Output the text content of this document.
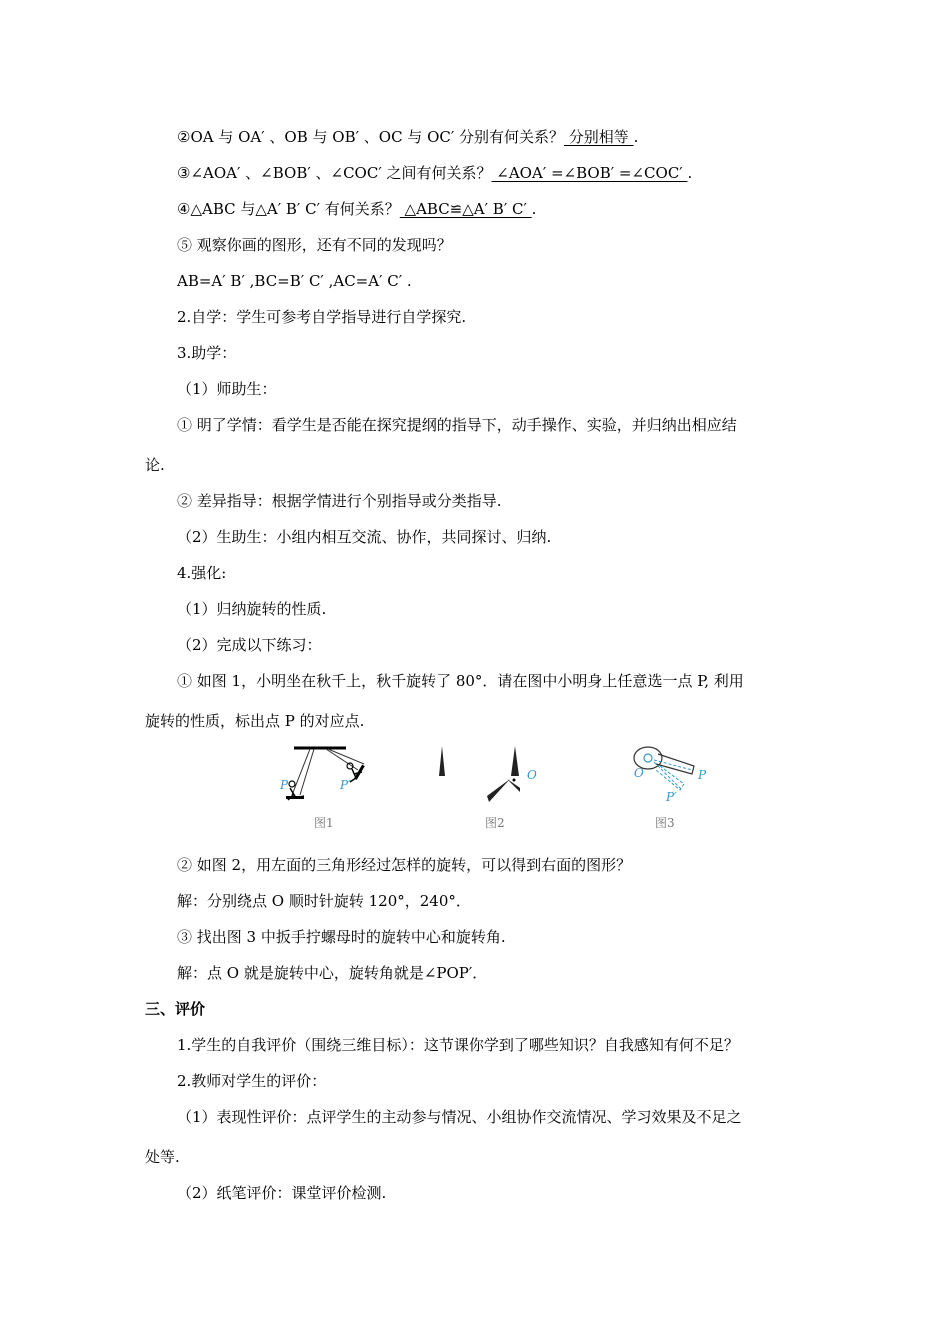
②OA 与 OA′ 、OB 与 OB′ 、OC 与 OC′ 分别有何关系？ 分别相等 .
③∠AOA′ 、∠BOB′ 、∠COC′ 之间有何关系？ ∠AOA′ =∠BOB′ =∠COC′ .
④△ABC 与△A′ B′ C′ 有何关系？ △ABC≌△A′ B′ C′ .
⑤ 观察你画的图形，还有不同的发现吗？
AB=A′ B′ ,BC=B′ C′ ,AC=A′ C′ .
2.自学：学生可参考自学指导进行自学探究.
3.助学：
（1）师助生：
① 明了学情：看学生是否能在探究提纲的指导下，动手操作、实验，并归纳出相应结
论.
② 差异指导：根据学情进行个别指导或分类指导.
（2）生助生：小组内相互交流、协作，共同探讨、归纳.
4.强化:
（1）归纳旋转的性质.
（2）完成以下练习：
① 如图 1，小明坐在秋千上，秋千旋转了 80°．请在图中小明身上任意选一点 P, 利用
旋转的性质，标出点 P 的对应点.
P	P′
图1
O
图2
O	P
P′
图3
② 如图 2，用左面的三角形经过怎样的旋转，可以得到右面的图形？
解：分别绕点 O 顺时针旋转 120°，240°．
③ 找出图 3 中扳手拧螺母时的旋转中心和旋转角.
解：点 O 就是旋转中心，旋转角就是∠POP′．
三、评价
1.学生的自我评价（围绕三维目标）：这节课你学到了哪些知识？自我感知有何不足？
2.教师对学生的评价：
（1）表现性评价：点评学生的主动参与情况、小组协作交流情况、学习效果及不足之
处等.
（2）纸笔评价：课堂评价检测.
